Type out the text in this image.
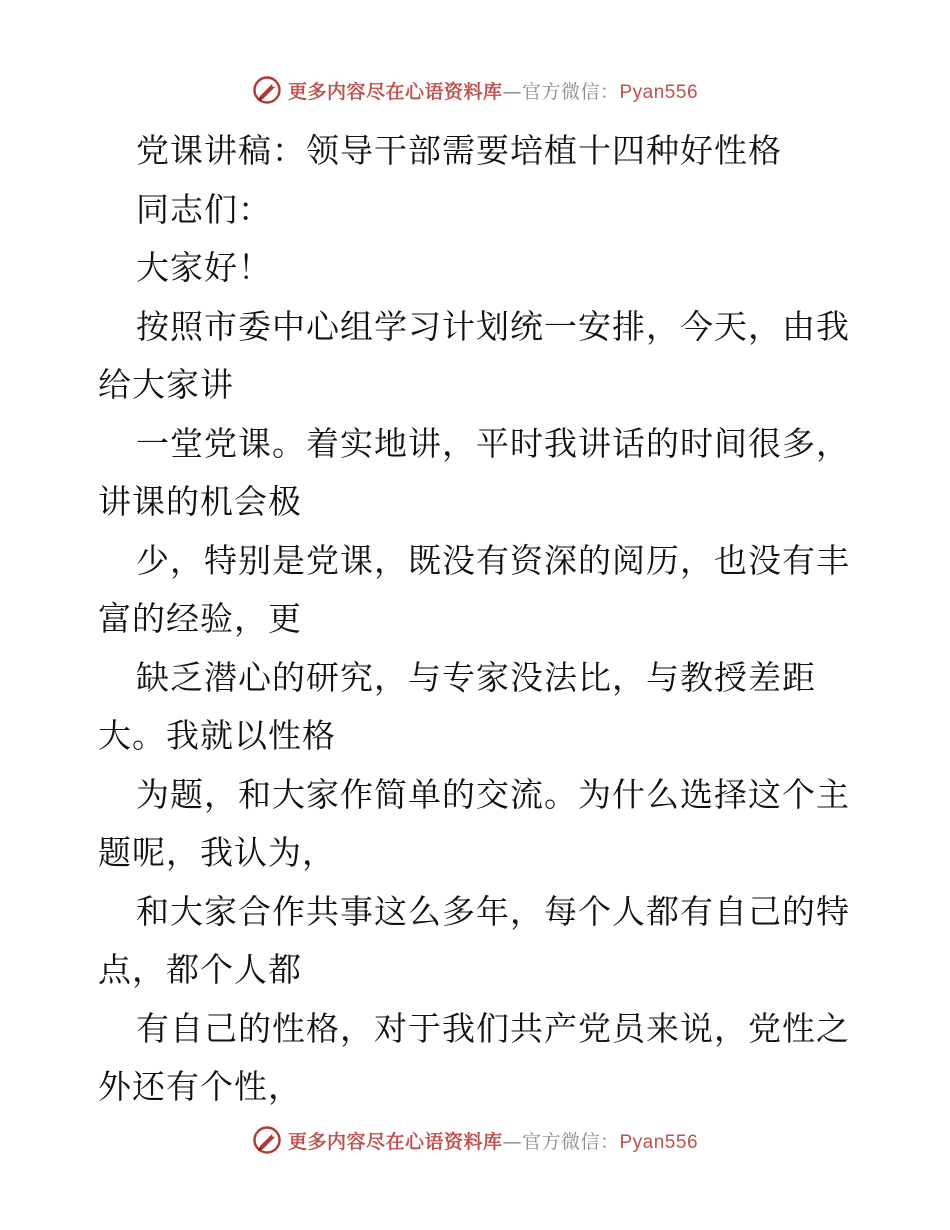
更多内容尽在心语资料库—官方微信：Pyan556
党课讲稿：领导干部需要培植十四种好性格
同志们：
大家好！
按照市委中心组学习计划统一安排，今天，由我
给大家讲
一堂党课。着实地讲，平时我讲话的时间很多，
讲课的机会极
少，特别是党课，既没有资深的阅历，也没有丰
富的经验，更
缺乏潜心的研究，与专家没法比，与教授差距
大。我就以性格
为题，和大家作简单的交流。为什么选择这个主
题呢，我认为，
和大家合作共事这么多年，每个人都有自己的特
点，都个人都
有自己的性格，对于我们共产党员来说，党性之
外还有个性，
更多内容尽在心语资料库—官方微信：Pyan556
